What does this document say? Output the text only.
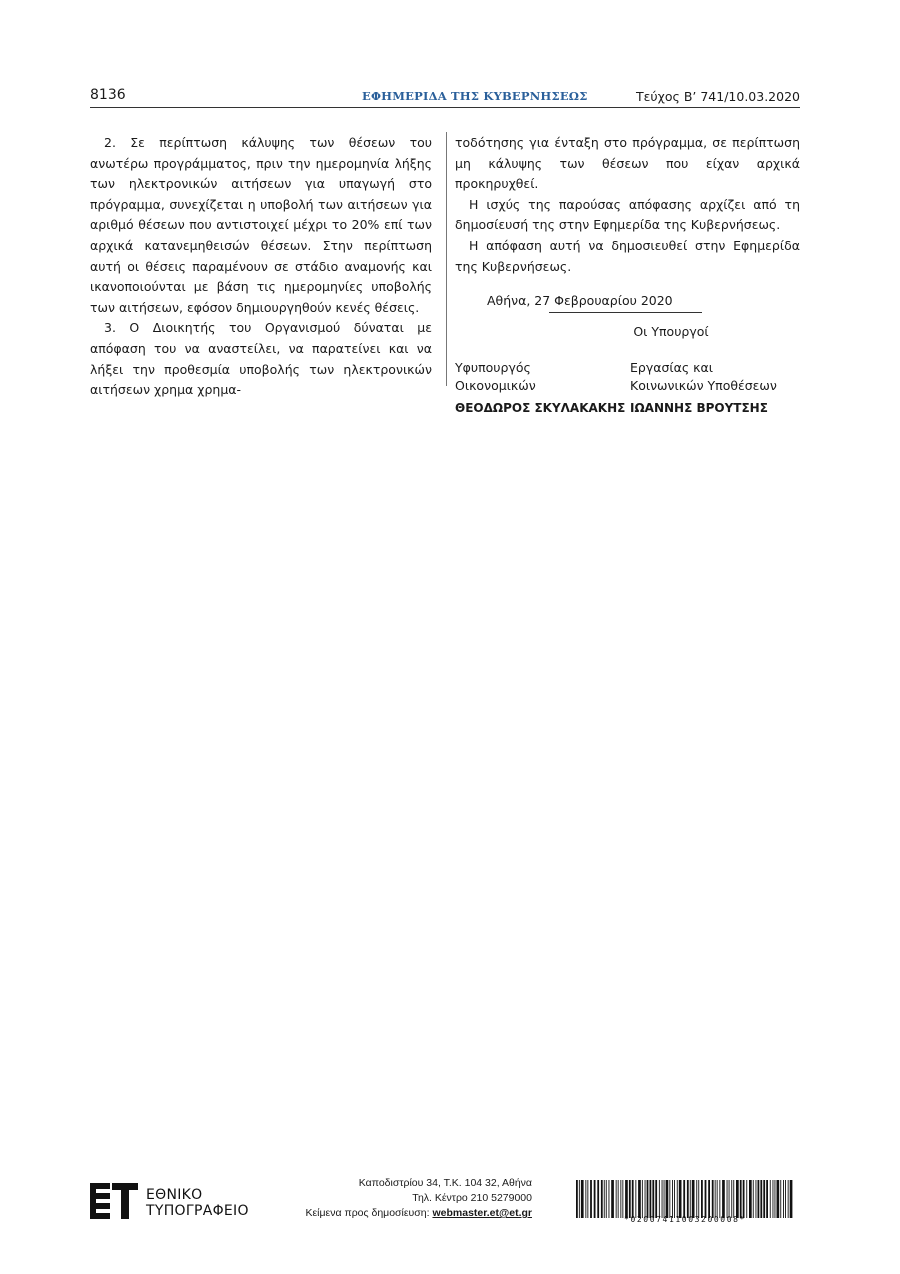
8136	ΕΦΗΜΕΡΙΔΑ ΤΗΣ ΚΥΒΕΡΝΗΣΕΩΣ	Τεύχος Β’ 741/10.03.2020

2. Σε περίπτωση κάλυψης των θέσεων του ανωτέρω προγράμματος, πριν την ημερομηνία λήξης των ηλεκτρονικών αιτήσεων για υπαγωγή στο πρόγραμμα, συνεχίζεται η υποβολή των αιτήσεων για αριθμό θέσεων που αντιστοιχεί μέχρι το 20% επί των αρχικά κατανεμηθεισών θέσεων. Στην περίπτωση αυτή οι θέσεις παραμένουν σε στάδιο αναμονής και ικανοποιούνται με βάση τις ημερομηνίες υποβολής των αιτήσεων, εφόσον δημιουργηθούν κενές θέσεις.

3. Ο Διοικητής του Οργανισμού δύναται με απόφαση του να αναστείλει, να παρατείνει και να λήξει την προθεσμία υποβολής των ηλεκτρονικών αιτήσεων χρημα χρημα-

τοδότησης για ένταξη στο πρόγραμμα, σε περίπτωση μη κάλυψης των θέσεων που είχαν αρχικά προκηρυχθεί.

Η ισχύς της παρούσας απόφασης αρχίζει από τη δημοσίευσή της στην Εφημερίδα της Κυβερνήσεως.

Η απόφαση αυτή να δημοσιευθεί στην Εφημερίδα της Κυβερνήσεως.

Αθήνα, 27 Φεβρουαρίου 2020
Οι Υπουργοί
Υφυπουργός
Οικονομικών
ΘΕΟΔΩΡΟΣ ΣΚΥΛΑΚΑΚΗΣ
Εργασίας και
Κοινωνικών Υποθέσεων
ΙΩΑΝΝΗΣ ΒΡΟΥΤΣΗΣ
ΕΘΝΙΚΟ
ΤΥΠΟΓΡΑΦΕΙΟ
Καποδιστρίου 34, Τ.Κ. 104 32, Αθήνα
Τηλ. Κέντρο 210 5279000
Κείμενα προς δημοσίευση: webmaster.et@et.gr
*02007411003200008*
